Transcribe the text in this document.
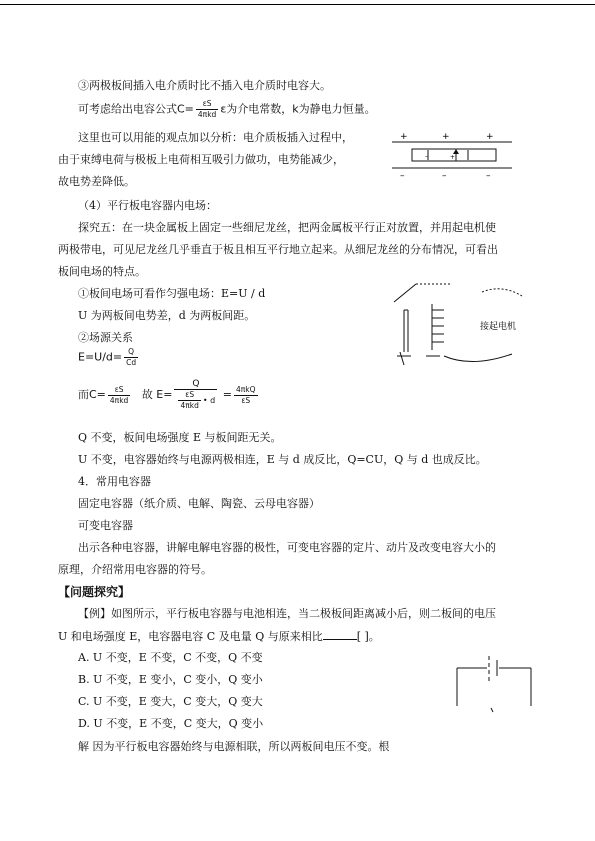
③两极板间插入电介质时比不插入电介质时电容大。
可考虑给出电容公式$C= \frac{\varepsilon S}{\text{4πkd}}$ ε为介电常数，k为静电力恒量。
这里也可以用能的观点加以分析：电介质板插入过程中，
由于束缚电荷与极板上电荷相互吸引力做功，电势能减少，
故电势差降低。
+	+	+
–	–	–
–	+
（4）平行板电容器内电场：
探究五：在一块金属板上固定一些细尼龙丝，把两金属板平行正对放置，并用起电机使
两极带电，可见尼龙丝几乎垂直于板且相互平行地立起来。从细尼龙丝的分布情况，可看出
板间电场的特点。
①板间电场可看作匀强电场：E=U / d
U 为两板间电势差，d 为两板间距。
②场源关系
接起电机
$E=U/d= \frac{Q}{Cd}$
而$C= \frac{\varepsilon S}{\text{4πkd}}$ 故 $E= \frac{Q}{\frac{\varepsilon S}{\text{4πkd}} • d} = \frac{\text{4πkQ}}{\varepsilon S}$
Q 不变，板间电场强度 E 与板间距无关。
U 不变，电容器始终与电源两极相连，E 与 d 成反比，Q=CU，Q 与 d 也成反比。
4．常用电容器
固定电容器（纸介质、电解、陶瓷、云母电容器）
可变电容器
出示各种电容器，讲解电解电容器的极性，可变电容器的定片、动片及改变电容大小的
原理，介绍常用电容器的符号。
【问题探究】
【例】如图所示，平行板电容器与电池相连，当二极板间距离减小后，则二板间的电压
U 和电场强度 E，电容器电容 C 及电量 Q 与原来相比	[ ]。
A. U 不变，E 不变，C 不变，Q 不变
B. U 不变，E 变小，C 变小，Q 变小
C. U 不变，E 变大，C 变大，Q 变大
D. U 不变，E 不变，C 变大，Q 变小
解 因为平行板电容器始终与电源相联，所以两板间电压不变。根
